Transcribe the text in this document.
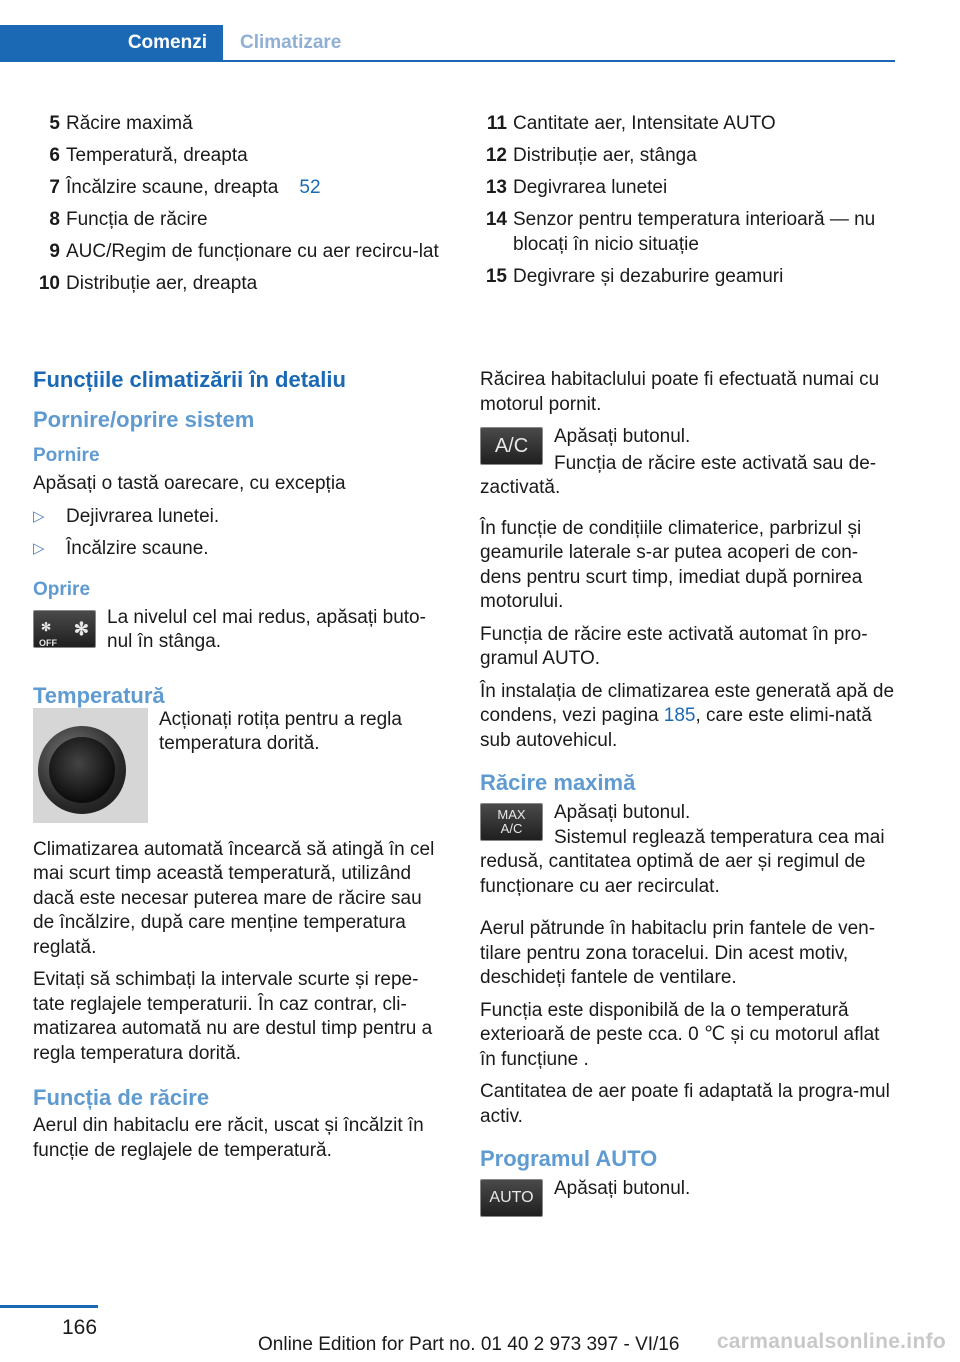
Comenzi Climatizare
5 Răcire maximă
6 Temperatură, dreapta
7 Încălzire scaune, dreapta 52
8 Funcția de răcire
9 AUC/Regim de funcționare cu aer recircu‐lat
10 Distribuție aer, dreapta
11 Cantitate aer, Intensitate AUTO
12 Distribuție aer, stânga
13 Degivrarea lunetei
14 Senzor pentru temperatura interioară — nu blocați în nicio situație
15 Degivrare și dezaburire geamuri
Funcțiile climatizării în detaliu
Pornire/oprire sistem
Pornire

Apăsați o tastă oarecare, cu excepția

▷ Dejivrarea lunetei.
▷ Încălzire scaune.
Oprire
OFF
✻
✻	La nivelul cel mai redus, apăsați buto‐nul în stânga.

Temperatură

Acționați rotița pentru a regla temperatura dorită.

Climatizarea automată încearcă să atingă în cel mai scurt timp această temperatură, utilizând dacă este necesar puterea mare de răcire sau de încălzire, după care menține temperatura reglată.

Evitați să schimbați la intervale scurte și repe‐tate reglajele temperaturii. În caz contrar, cli‐matizarea automată nu are destul timp pentru a regla temperatura dorită.

Funcția de răcire

Aerul din habitaclu ere răcit, uscat și încălzit în funcție de reglajele de temperatură.

Răcirea habitaclului poate fi efectuată numai cu motorul pornit.

A/C	Apăsați butonul.

Funcția de răcire este activată sau de‐zactivată.

În funcție de condițiile climaterice, parbrizul și geamurile laterale s-ar putea acoperi de con‐dens pentru scurt timp, imediat după pornirea motorului.

Funcția de răcire este activată automat în pro‐gramul AUTO.

În instalația de climatizarea este generată apă de condens, vezi pagina 185, care este elimi‐nată sub autovehicul.

Răcire maximă
MAX
A/C

Apăsați butonul.

Sistemul reglează temperatura cea mai redusă, cantitatea optimă de aer și regimul de funcționare cu aer recirculat.

Aerul pătrunde în habitaclu prin fantele de ven‐tilare pentru zona toracelui. Din acest motiv, deschideți fantele de ventilare.

Funcția este disponibilă de la o temperatură exterioară de peste cca. 0 ℃ și cu motorul aflat în funcțiune .

Cantitatea de aer poate fi adaptată la progra‐mul activ.

Programul AUTO
AUTO	Apăsați butonul.

166
Online Edition for Part no. 01 40 2 973 397 - VI/16 carmanualsonline.info
